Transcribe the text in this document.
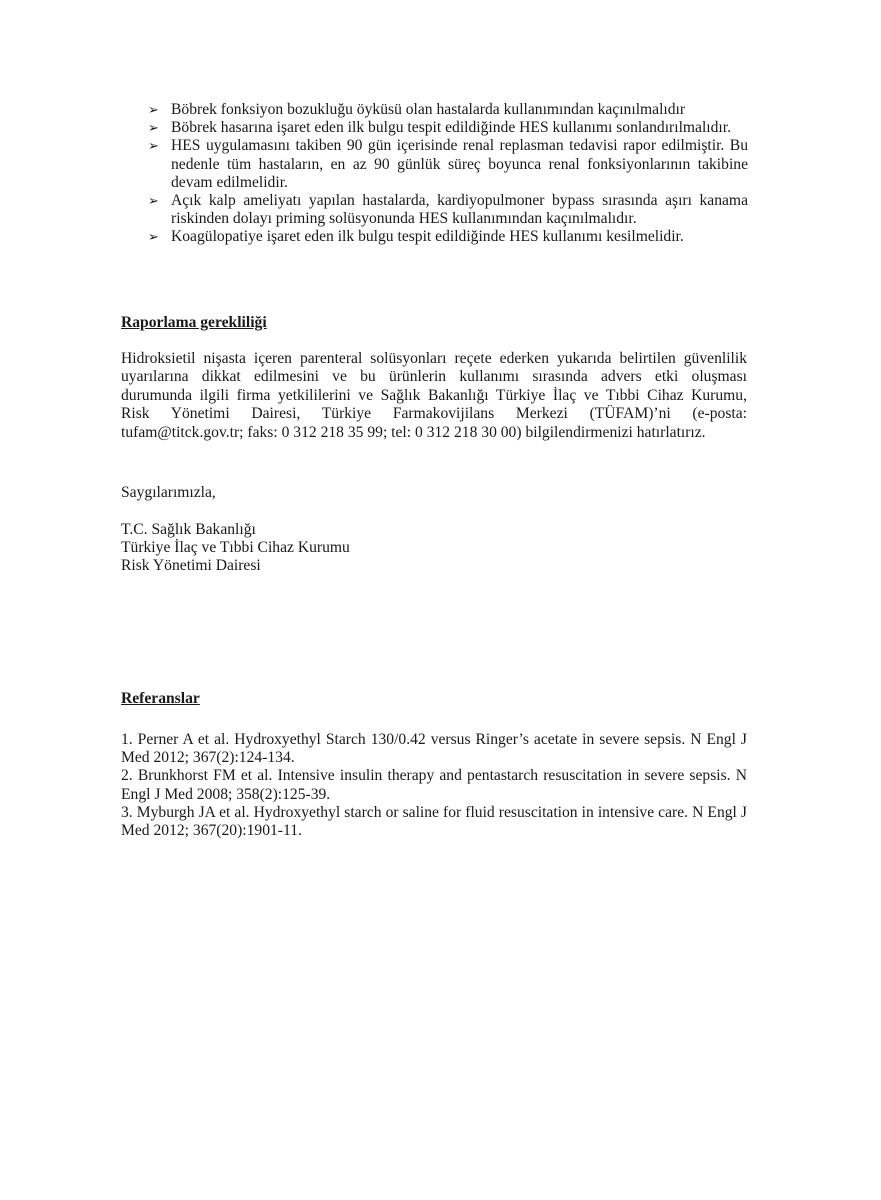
➢ Böbrek fonksiyon bozukluğu öyküsü olan hastalarda kullanımından kaçınılmalıdır
➢ Böbrek hasarına işaret eden ilk bulgu tespit edildiğinde HES kullanımı sonlandırılmalıdır.
➢ HES uygulamasını takiben 90 gün içerisinde renal replasman tedavisi rapor edilmiştir. Bu nedenle tüm hastaların, en az 90 günlük süreç boyunca renal fonksiyonlarının takibine devam edilmelidir.
➢ Açık kalp ameliyatı yapılan hastalarda, kardiyopulmoner bypass sırasında aşırı kanama riskinden dolayı priming solüsyonunda HES kullanımından kaçınılmalıdır.
➢ Koagülopatiye işaret eden ilk bulgu tespit edildiğinde HES kullanımı kesilmelidir.
Raporlama gerekliliği
Hidroksietil nişasta içeren parenteral solüsyonları reçete ederken yukarıda belirtilen güvenlilik
uyarılarına dikkat edilmesini ve bu ürünlerin kullanımı sırasında advers etki oluşması
durumunda ilgili firma yetkililerini ve Sağlık Bakanlığı Türkiye İlaç ve Tıbbi Cihaz Kurumu,
Risk Yönetimi Dairesi, Türkiye Farmakovijilans Merkezi (TÜFAM)’ni (e-posta:
tufam@titck.gov.tr; faks: 0 312 218 35 99; tel: 0 312 218 30 00) bilgilendirmenizi hatırlatırız.
Saygılarımızla,
T.C. Sağlık Bakanlığı
Türkiye İlaç ve Tıbbi Cihaz Kurumu
Risk Yönetimi Dairesi
Referanslar
1. Perner A et al. Hydroxyethyl Starch 130/0.42 versus Ringer’s acetate in severe sepsis. N Engl J Med 2012; 367(2):124-134.
2. Brunkhorst FM et al. Intensive insulin therapy and pentastarch resuscitation in severe sepsis. N Engl J Med 2008; 358(2):125-39.
3. Myburgh JA et al. Hydroxyethyl starch or saline for fluid resuscitation in intensive care. N Engl J Med 2012; 367(20):1901-11.
